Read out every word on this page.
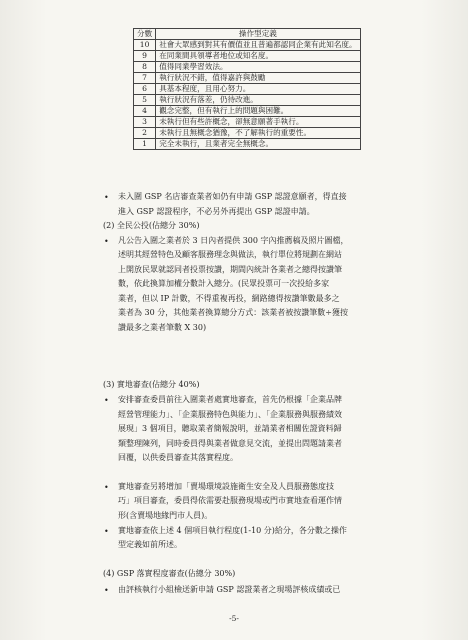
分數	操作型定義
10	社會大眾感到對其有價值並且普遍都認同企業有此知名度。
9	在同業間具領導者地位或知名度。
8	值得同業學習效法。
7	執行狀況不錯，值得嘉許與鼓勵
6	具基本程度，且用心努力。
5	執行狀況有落差，仍待改進。
4	觀念完整，但有執行上的問題與困難。
3	未執行但有些許概念，卻無意願著手執行。
2	未執行且無概念猶豫，不了解執行的重要性。
1	完全未執行，且業者完全無概念。
•
•
•
•
•
•
未入圍 GSP 名店審查業者如仍有申請 GSP 認證意願者，得直接
進入 GSP 認證程序，不必另外再提出 GSP 認證申請。
(2) 全民公投(佔總分 30%)
凡公告入圍之業者於 3 日內者提供 300 字內推薦稿及照片圖檔，
述明其經營特色及顧客服務理念與做法，執行單位將規劃在網站
上開放民眾就認同者投票按讚，期間內統計各業者之總得按讚筆
數，依此換算加權分數計入總分。(民眾投票可一次投給多家
業者，但以 IP 計數，不得重複再投，網路總得按讚筆數最多之
業者為 30 分，其他業者換算總分方式：該業者被按讚筆數÷獲按
讚最多之業者筆數 X 30)
(3) 實地審查(佔總分 40%)
安排審查委員前往入圍業者處實地審查，首先仍根據「企業品牌
經營管理能力」、「企業服務特色與能力」、「企業服務與服務績效
展現」3 個項目，聽取業者簡報說明，並請業者相關佐證資料歸
類整理陳列，同時委員得與業者做意見交流，並提出問題請業者
回覆，以供委員審查其落實程度。
實地審查另將增加「賣場環境設施衛生安全及人員服務態度技
巧」項目審查，委員得依需要赴服務現場或門市實地查看運作情
形(含賣場地緣門市人員)。
實地審查依上述 4 個項目執行程度(1-10 分)給分，各分數之操作
型定義如前所述。
(4) GSP 落實程度審查(佔總分 30%)
由評核執行小組檢送新申請 GSP 認證業者之現場評核成績或已
-5-
